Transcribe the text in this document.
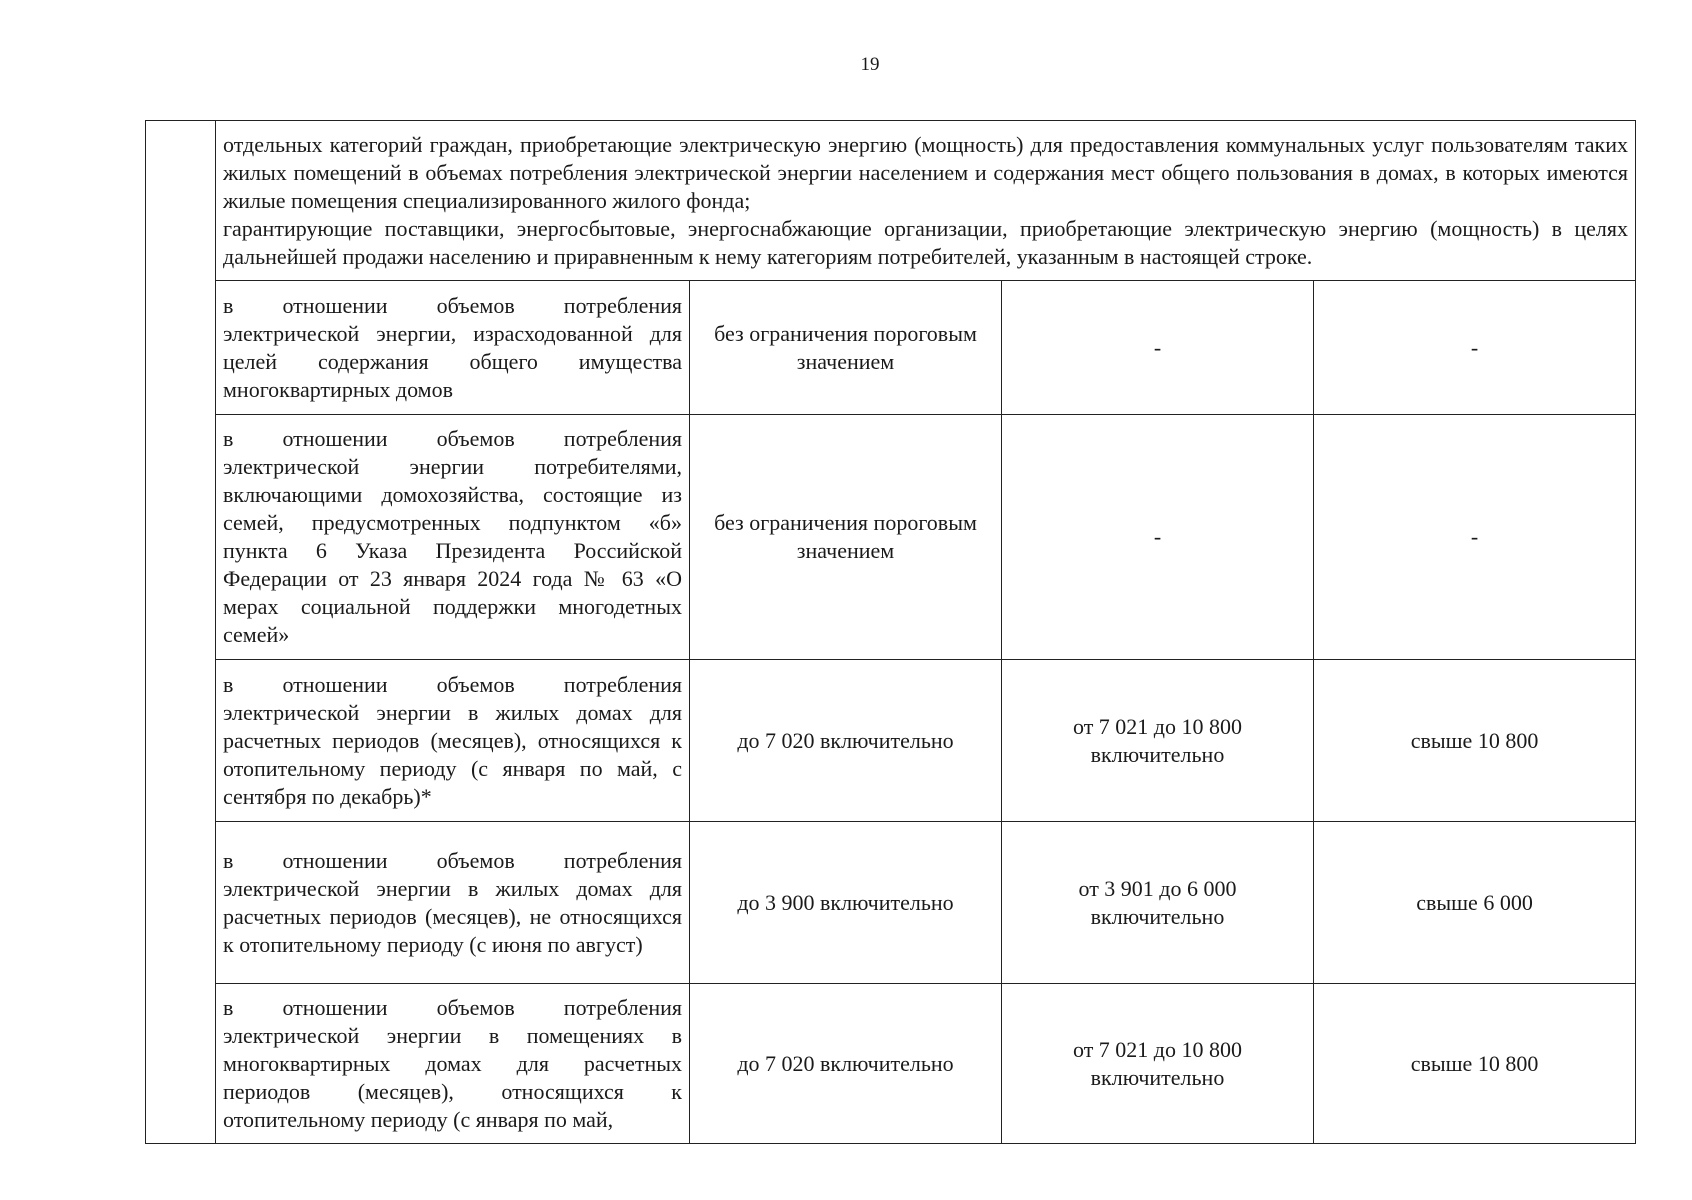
19

	отдельных категорий граждан, приобретающие электрическую энергию (мощность) для предоставления коммунальных услуг пользователям таких жилых помещений в объемах потребления электрической энергии населением и содержания мест общего пользования в домах, в которых имеются жилые помещения специализированного жилого фонда;
гарантирующие поставщики, энергосбытовые, энергоснабжающие организации, приобретающие электрическую энергию (мощность) в целях дальнейшей продажи населению и приравненным к нему категориям потребителей, указанным в настоящей строке.			

	в отношении объемов потребления электрической энергии, израсходованной для целей содержания общего имущества многоквартирных домов	без ограничения пороговым значением	-	-
	в отношении объемов потребления электрической энергии потребителями, включающими домохозяйства, состоящие из семей, предусмотренных подпунктом «б» пункта 6 Указа Президента Российской Федерации от 23 января 2024 года № 63 «О мерах социальной поддержки многодетных семей»	без ограничения пороговым значением	-	-
	в отношении объемов потребления электрической энергии в жилых домах для расчетных периодов (месяцев), относящихся к отопительному периоду (с января по май, с сентября по декабрь)*	до 7 020 включительно	от 7 021 до 10 800 включительно	свыше 10 800
	в отношении объемов потребления электрической энергии в жилых домах для расчетных периодов (месяцев), не относящихся к отопительному периоду (с июня по август)	до 3 900 включительно	от 3 901 до 6 000 включительно	свыше 6 000
	в отношении объемов потребления электрической энергии в помещениях в многоквартирных домах для расчетных периодов (месяцев), относящихся к отопительному периоду (с января по май,	до 7 020 включительно	от 7 021 до 10 800 включительно	свыше 10 800
